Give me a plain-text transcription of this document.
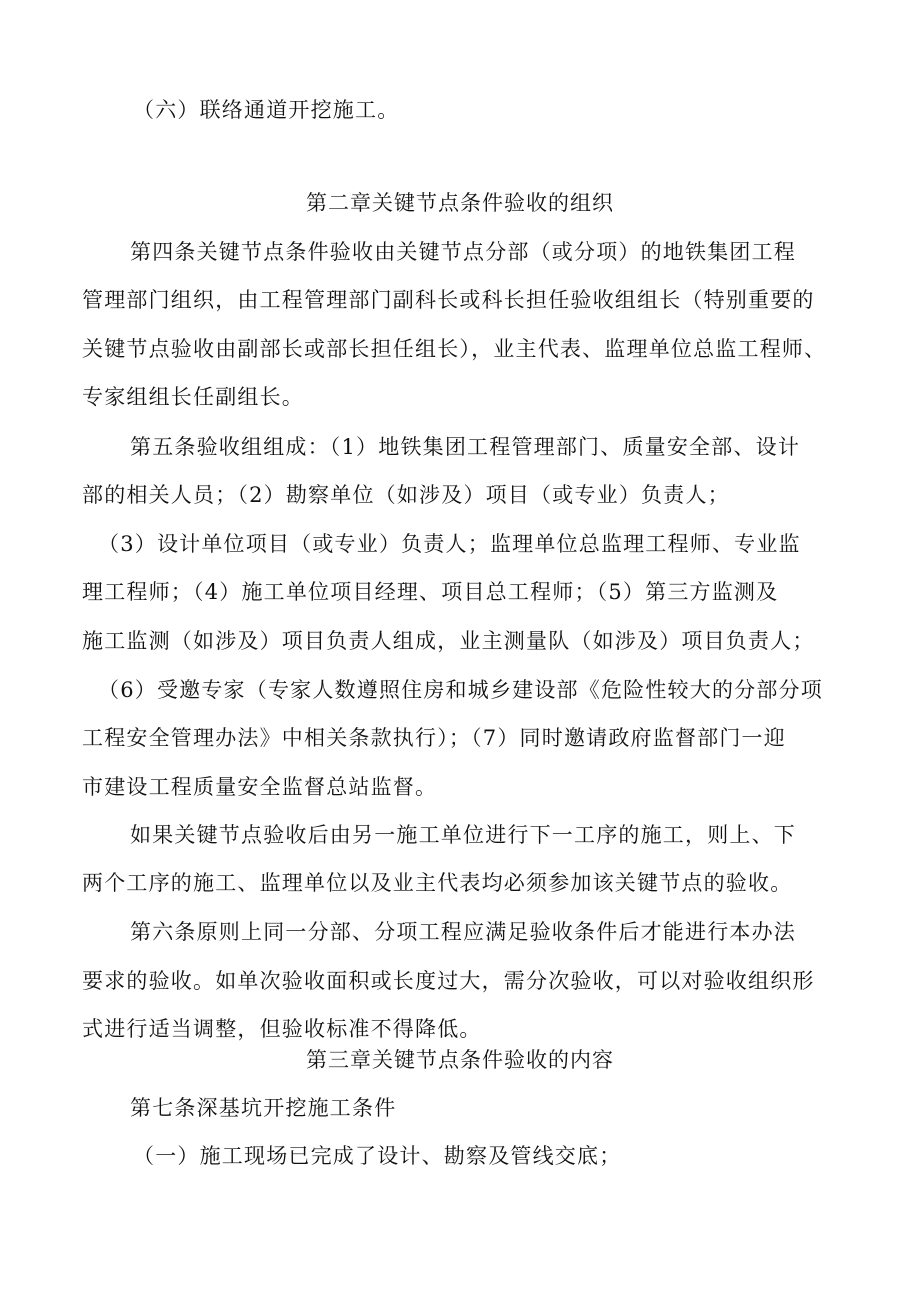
（六）联络通道开挖施工。
第二章关键节点条件验收的组织
第四条关键节点条件验收由关键节点分部（或分项）的地铁集团工程
管理部门组织，由工程管理部门副科长或科长担任验收组组长（特别重要的
关键节点验收由副部长或部长担任组长），业主代表、监理单位总监工程师、
专家组组长任副组长。
第五条验收组组成：（1）地铁集团工程管理部门、质量安全部、设计
部的相关人员；（2）勘察单位（如涉及）项目（或专业）负责人；
（3）设计单位项目（或专业）负责人；监理单位总监理工程师、专业监
理工程师；（4）施工单位项目经理、项目总工程师；（5）第三方监测及
施工监测（如涉及）项目负责人组成，业主测量队（如涉及）项目负责人；
（6）受邀专家（专家人数遵照住房和城乡建设部《危险性较大的分部分项
工程安全管理办法》中相关条款执行）；（7）同时邀请政府监督部门一迎
市建设工程质量安全监督总站监督。
如果关键节点验收后由另一施工单位进行下一工序的施工，则上、下
两个工序的施工、监理单位以及业主代表均必须参加该关键节点的验收。
第六条原则上同一分部、分项工程应满足验收条件后才能进行本办法
要求的验收。如单次验收面积或长度过大，需分次验收，可以对验收组织形
式进行适当调整，但验收标准不得降低。
第三章关键节点条件验收的内容
第七条深基坑开挖施工条件
（一）施工现场已完成了设计、勘察及管线交底；
